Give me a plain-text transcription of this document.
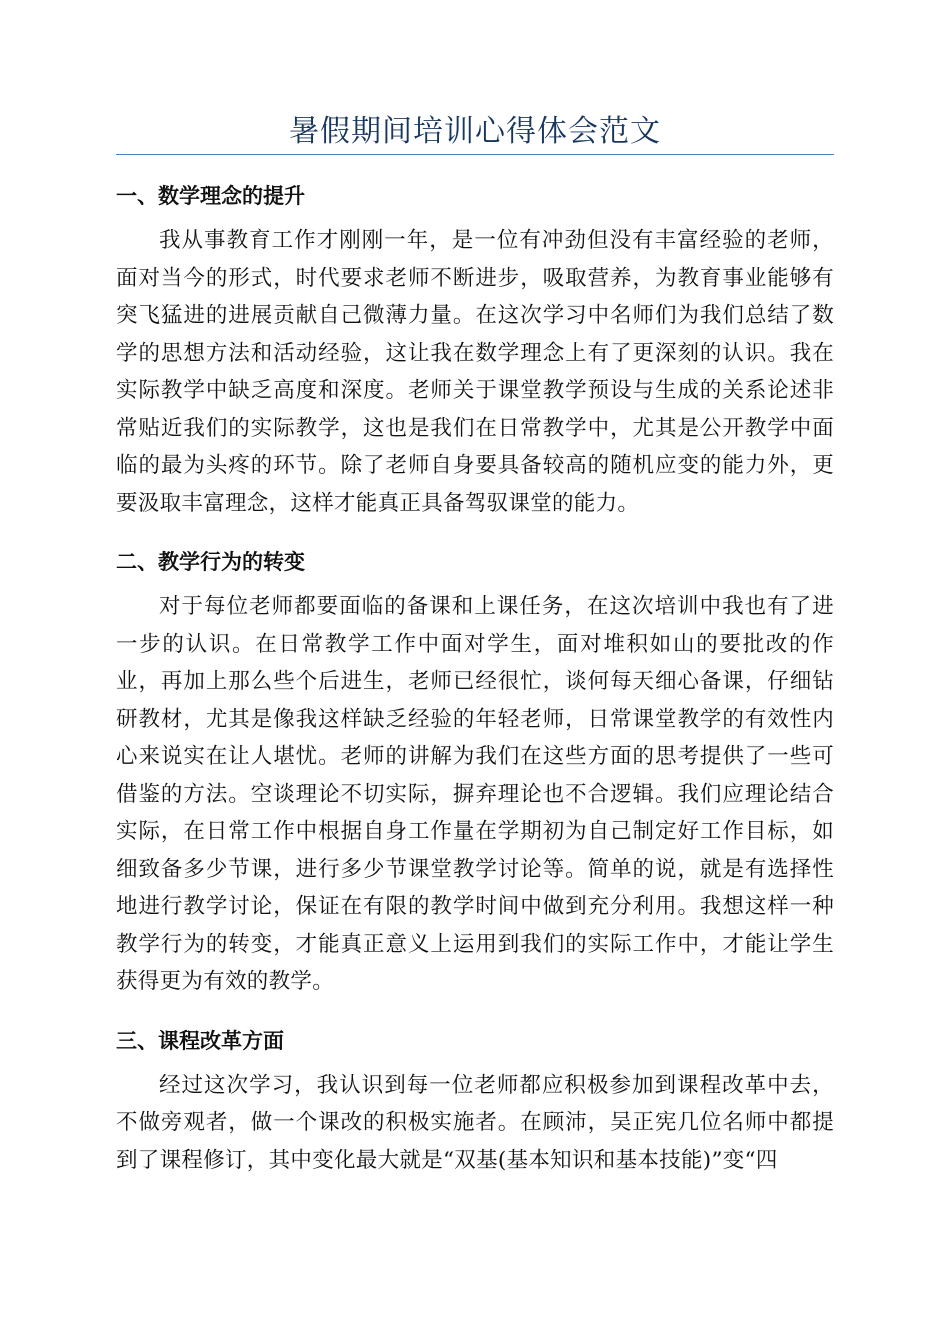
暑假期间培训心得体会范文
一、数学理念的提升

我从事教育工作才刚刚一年，是一位有冲劲但没有丰富经验的老师，面对当今的形式，时代要求老师不断进步，吸取营养，为教育事业能够有突飞猛进的进展贡献自己微薄力量。在这次学习中名师们为我们总结了数学的思想方法和活动经验，这让我在数学理念上有了更深刻的认识。我在实际教学中缺乏高度和深度。老师关于课堂教学预设与生成的关系论述非常贴近我们的实际教学，这也是我们在日常教学中，尤其是公开教学中面临的最为头疼的环节。除了老师自身要具备较高的随机应变的能力外，更要汲取丰富理念，这样才能真正具备驾驭课堂的能力。

二、教学行为的转变

对于每位老师都要面临的备课和上课任务，在这次培训中我也有了进一步的认识。在日常教学工作中面对学生，面对堆积如山的要批改的作业，再加上那么些个后进生，老师已经很忙，谈何每天细心备课，仔细钻研教材，尤其是像我这样缺乏经验的年轻老师，日常课堂教学的有效性内心来说实在让人堪忧。老师的讲解为我们在这些方面的思考提供了一些可借鉴的方法。空谈理论不切实际，摒弃理论也不合逻辑。我们应理论结合实际，在日常工作中根据自身工作量在学期初为自己制定好工作目标，如细致备多少节课，进行多少节课堂教学讨论等。简单的说，就是有选择性地进行教学讨论，保证在有限的教学时间中做到充分利用。我想这样一种教学行为的转变，才能真正意义上运用到我们的实际工作中，才能让学生获得更为有效的教学。

三、课程改革方面

经过这次学习，我认识到每一位老师都应积极参加到课程改革中去，不做旁观者，做一个课改的积极实施者。在顾沛，吴正宪几位名师中都提到了课程修订，其中变化最大就是“双基(基本知识和基本技能)”变“四
